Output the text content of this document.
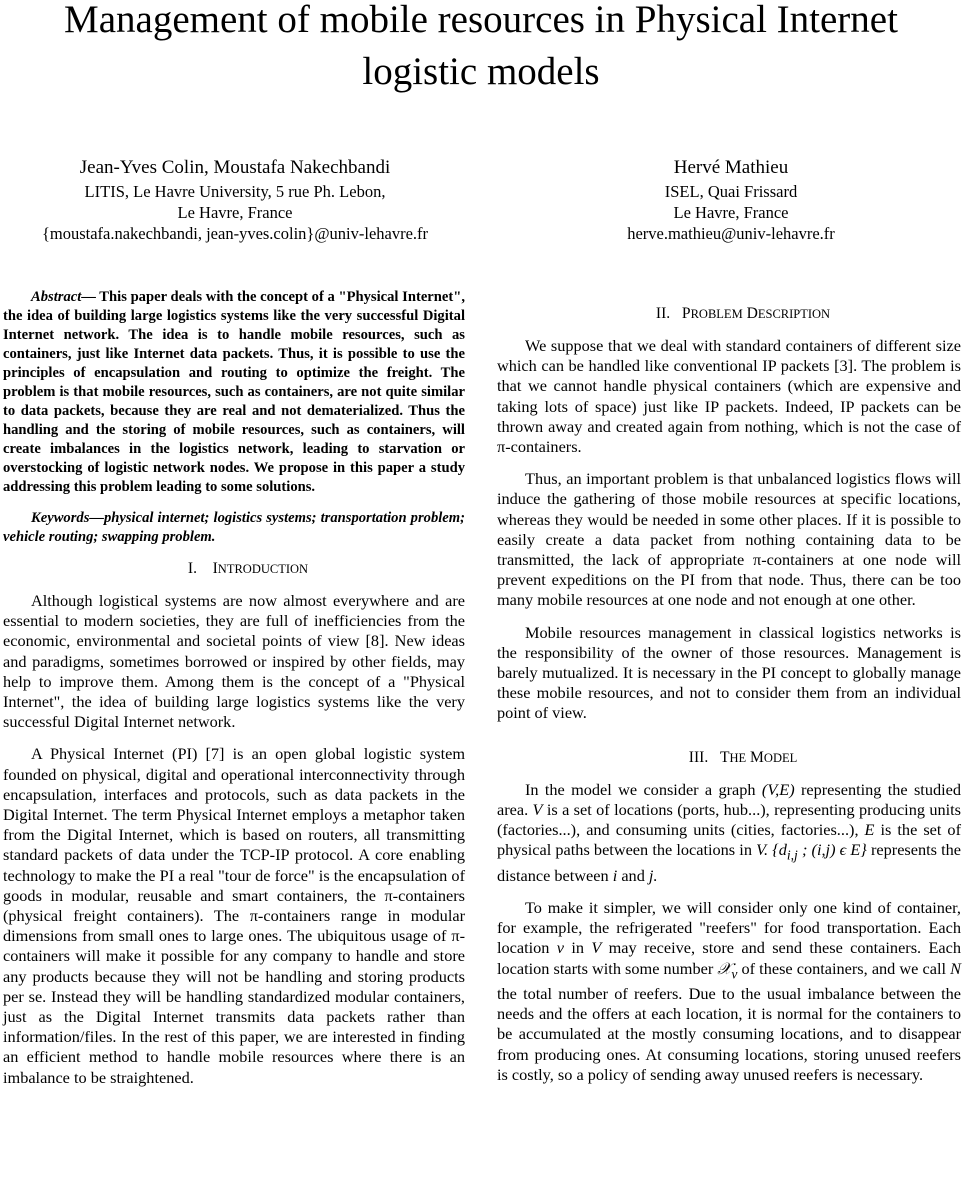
Management of mobile resources in Physical Internet
logistic models
Jean-Yves Colin, Moustafa Nakechbandi
LITIS, Le Havre University, 5 rue Ph. Lebon,
Le Havre, France
{moustafa.nakechbandi, jean-yves.colin}@univ-lehavre.fr
Hervé Mathieu
ISEL, Quai Frissard
Le Havre, France
herve.mathieu@univ-lehavre.fr

Abstract— This paper deals with the concept of a "Physical Internet", the idea of building large logistics systems like the very successful Digital Internet network. The idea is to handle mobile resources, such as containers, just like Internet data packets. Thus, it is possible to use the principles of encapsulation and routing to optimize the freight. The problem is that mobile resources, such as containers, are not quite similar to data packets, because they are real and not dematerialized. Thus the handling and the storing of mobile resources, such as containers, will create imbalances in the logistics network, leading to starvation or overstocking of logistic network nodes. We propose in this paper a study addressing this problem leading to some solutions.

Keywords—physical internet; logistics systems; transportation problem; vehicle routing; swapping problem.

I. INTRODUCTION

Although logistical systems are now almost everywhere and are essential to modern societies, they are full of inefficiencies from the economic, environmental and societal points of view [8]. New ideas and paradigms, sometimes borrowed or inspired by other fields, may help to improve them. Among them is the concept of a "Physical Internet", the idea of building large logistics systems like the very successful Digital Internet network.

A Physical Internet (PI) [7] is an open global logistic system founded on physical, digital and operational interconnectivity through encapsulation, interfaces and protocols, such as data packets in the Digital Internet. The term Physical Internet employs a metaphor taken from the Digital Internet, which is based on routers, all transmitting standard packets of data under the TCP-IP protocol. A core enabling technology to make the PI a real "tour de force" is the encapsulation of goods in modular, reusable and smart containers, the π-containers (physical freight containers). The π-containers range in modular dimensions from small ones to large ones. The ubiquitous usage of π-containers will make it possible for any company to handle and store any products because they will not be handling and storing products per se. Instead they will be handling standardized modular containers, just as the Digital Internet transmits data packets rather than information/files. In the rest of this paper, we are interested in finding an efficient method to handle mobile resources where there is an imbalance to be straightened.

II. PROBLEM DESCRIPTION

We suppose that we deal with standard containers of different size which can be handled like conventional IP packets [3]. The problem is that we cannot handle physical containers (which are expensive and taking lots of space) just like IP packets. Indeed, IP packets can be thrown away and created again from nothing, which is not the case of π-containers.

Thus, an important problem is that unbalanced logistics flows will induce the gathering of those mobile resources at specific locations, whereas they would be needed in some other places. If it is possible to easily create a data packet from nothing containing data to be transmitted, the lack of appropriate π-containers at one node will prevent expeditions on the PI from that node. Thus, there can be too many mobile resources at one node and not enough at one other.

Mobile resources management in classical logistics networks is the responsibility of the owner of those resources. Management is barely mutualized. It is necessary in the PI concept to globally manage these mobile resources, and not to consider them from an individual point of view.

III. THE MODEL

In the model we consider a graph (V,E) representing the studied area. V is a set of locations (ports, hub...), representing producing units (factories...), and consuming units (cities, factories...), E is the set of physical paths between the locations in V. {$d_{i,j}$ ; (i,j) ϵ E} represents the distance between i and j.

To make it simpler, we will consider only one kind of container, for example, the refrigerated "reefers" for food transportation. Each location v in V may receive, store and send these containers. Each location starts with some number 𝒳$_v$ of these containers, and we call N the total number of reefers. Due to the usual imbalance between the needs and the offers at each location, it is normal for the containers to be accumulated at the mostly consuming locations, and to disappear from producing ones. At consuming locations, storing unused reefers is costly, so a policy of sending away unused reefers is necessary.
